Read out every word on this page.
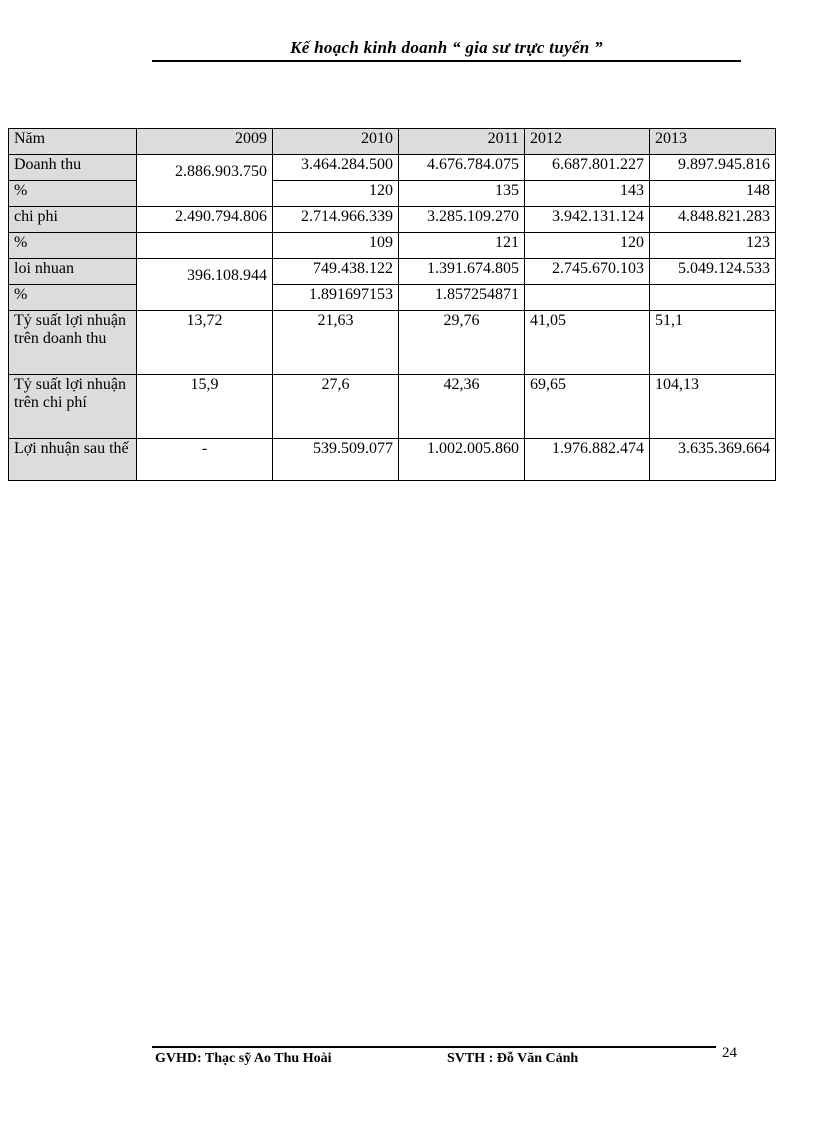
Kế hoạch kinh doanh “ gia sư trực tuyến ”
Năm	2009	2010	2011	2012	2013
Doanh thu	2.886.903.750	3.464.284.500	4.676.784.075	6.687.801.227	9.897.945.816
%		120	135	143	148
chi phi	2.490.794.806	2.714.966.339	3.285.109.270	3.942.131.124	4.848.821.283
%		109	121	120	123
loi nhuan	396.108.944	749.438.122	1.391.674.805	2.745.670.103	5.049.124.533
%		1.891697153	1.857254871		
Tỷ suất lợi nhuận trên doanh thu	13,72	21,63	29,76	41,05	51,1
Tỷ suất lợi nhuận trên chi phí	15,9	27,6	42,36	69,65	104,13
Lợi nhuận sau thế	-	539.509.077	1.002.005.860	1.976.882.474	3.635.369.664
GVHD: Thạc sỹ Ao Thu Hoài	SVTH : Đỗ Văn Cảnh	24
